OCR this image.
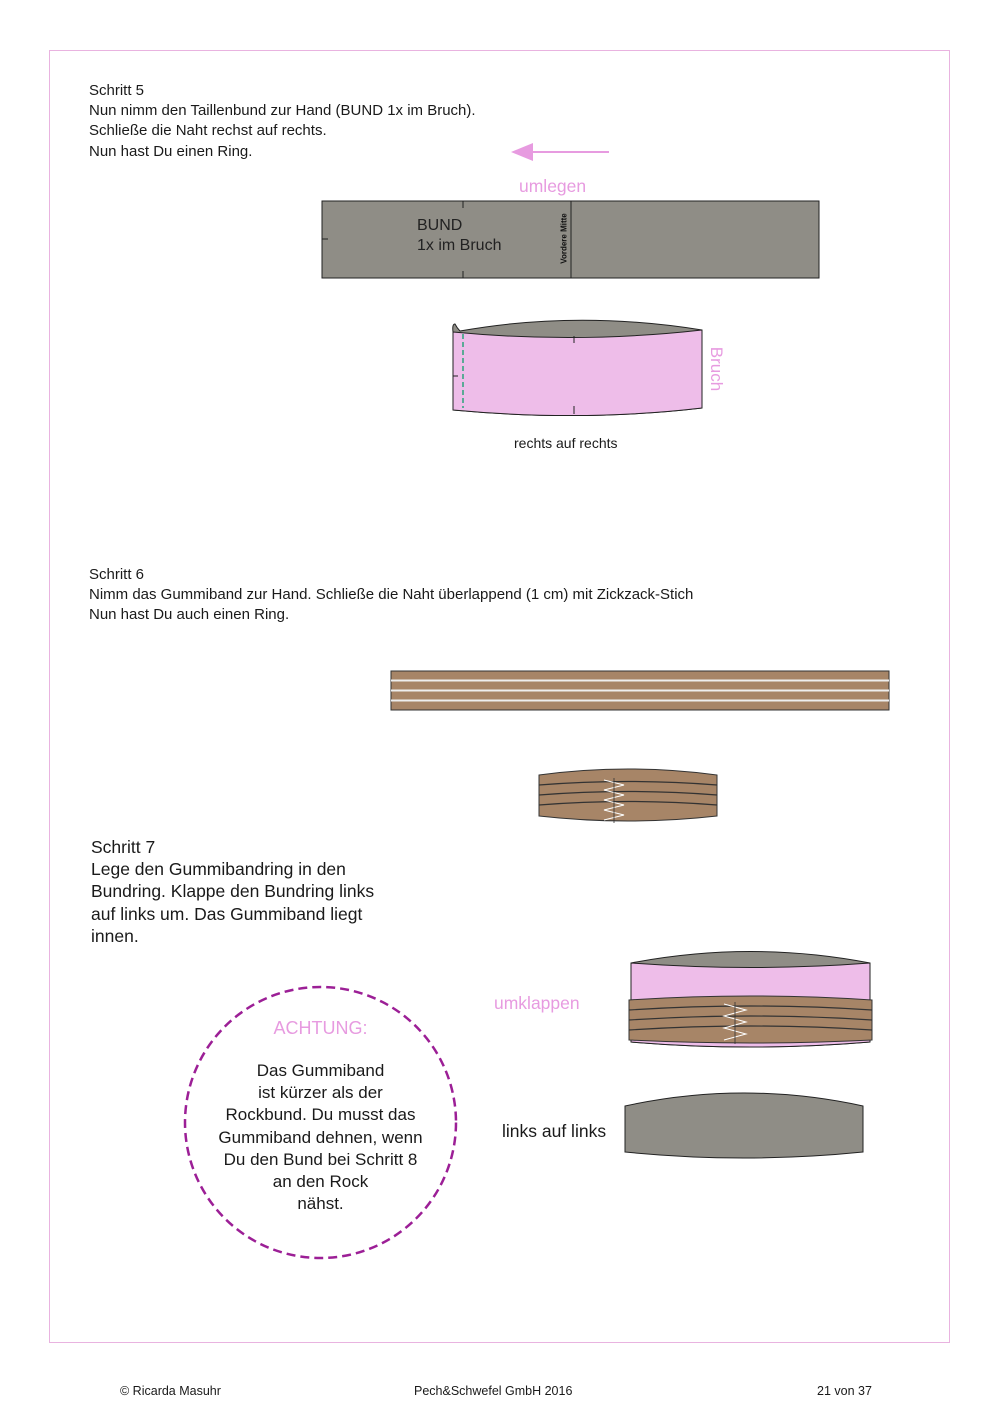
Schritt 5
Nun nimm den Taillenbund zur Hand (BUND 1x im Bruch).
Schließe die Naht rechst auf rechts.
Nun hast Du einen Ring.
umlegen
BUND
1x im Bruch	Vordere Mitte
Bruch
rechts auf rechts
Schritt 6
Nimm das Gummiband zur Hand. Schließe die Naht überlappend (1 cm) mit Zickzack-Stich
Nun hast Du auch einen Ring.
Schritt 7
Lege den Gummibandring in den
Bundring. Klappe den Bundring links
auf links um. Das Gummiband liegt
innen.
umklappen
links auf links
ACHTUNG:
Das Gummiband
ist kürzer als der
Rockbund. Du musst das
Gummiband dehnen, wenn
Du den Bund bei Schritt 8
an den Rock
nähst.
© Ricarda Masuhr	Pech&Schwefel GmbH 2016	21 von 37
